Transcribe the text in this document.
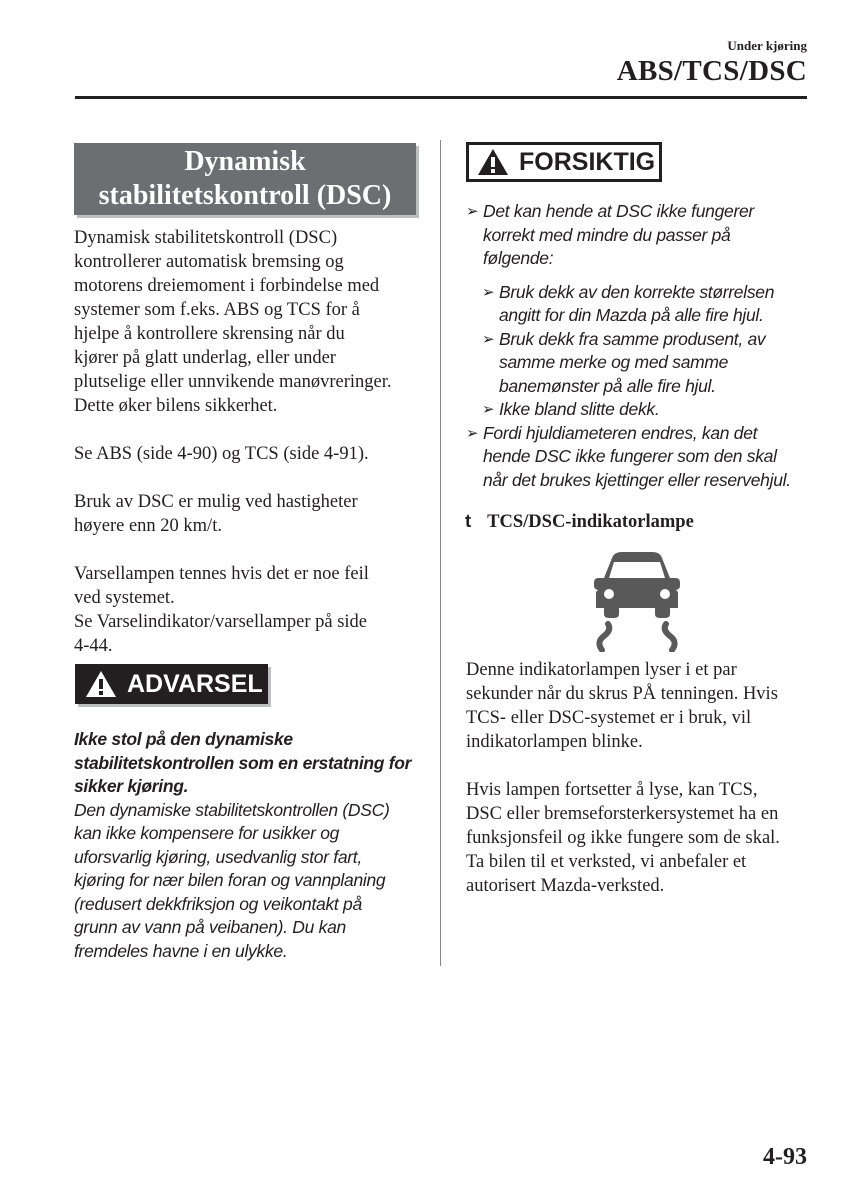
Under kjøring
ABS/TCS/DSC
Dynamisk
stabilitetskontroll (DSC)

Dynamisk stabilitetskontroll (DSC)
kontrollerer automatisk bremsing og
motorens dreiemoment i forbindelse med
systemer som f.eks. ABS og TCS for å
hjelpe å kontrollere skrensing når du
kjører på glatt underlag, eller under
plutselige eller unnvikende manøvreringer.
Dette øker bilens sikkerhet.

Se ABS (side 4-90) og TCS (side 4-91).

Bruk av DSC er mulig ved hastigheter
høyere enn 20 km/t.

Varsellampen tennes hvis det er noe feil
ved systemet.
Se Varselindikator/varsellamper på side
4-44.

ADVARSEL
Ikke stol på den dynamiske
stabilitetskontrollen som en erstatning for
sikker kjøring.
Den dynamiske stabilitetskontrollen (DSC)
kan ikke kompensere for usikker og
uforsvarlig kjøring, usedvanlig stor fart,
kjøring for nær bilen foran og vannplaning
(redusert dekkfriksjon og veikontakt på
grunn av vann på veibanen). Du kan
fremdeles havne i en ulykke.
FORSIKTIG
➢ Det kan hende at DSC ikke fungerer
korrekt med mindre du passer på
følgende:
➢ Bruk dekk av den korrekte størrelsen
angitt for din Mazda på alle fire hjul.
➢ Bruk dekk fra samme produsent, av
samme merke og med samme
banemønster på alle fire hjul.
➢ Ikke bland slitte dekk.
➢ Fordi hjuldiameteren endres, kan det
hende DSC ikke fungerer som den skal
når det brukes kjettinger eller reservehjul.
t TCS/DSC-indikatorlampe

Denne indikatorlampen lyser i et par
sekunder når du skrus PÅ tenningen. Hvis
TCS- eller DSC-systemet er i bruk, vil
indikatorlampen blinke.

Hvis lampen fortsetter å lyse, kan TCS,
DSC eller bremseforsterkersystemet ha en
funksjonsfeil og ikke fungere som de skal.
Ta bilen til et verksted, vi anbefaler et
autorisert Mazda-verksted.

4-93
